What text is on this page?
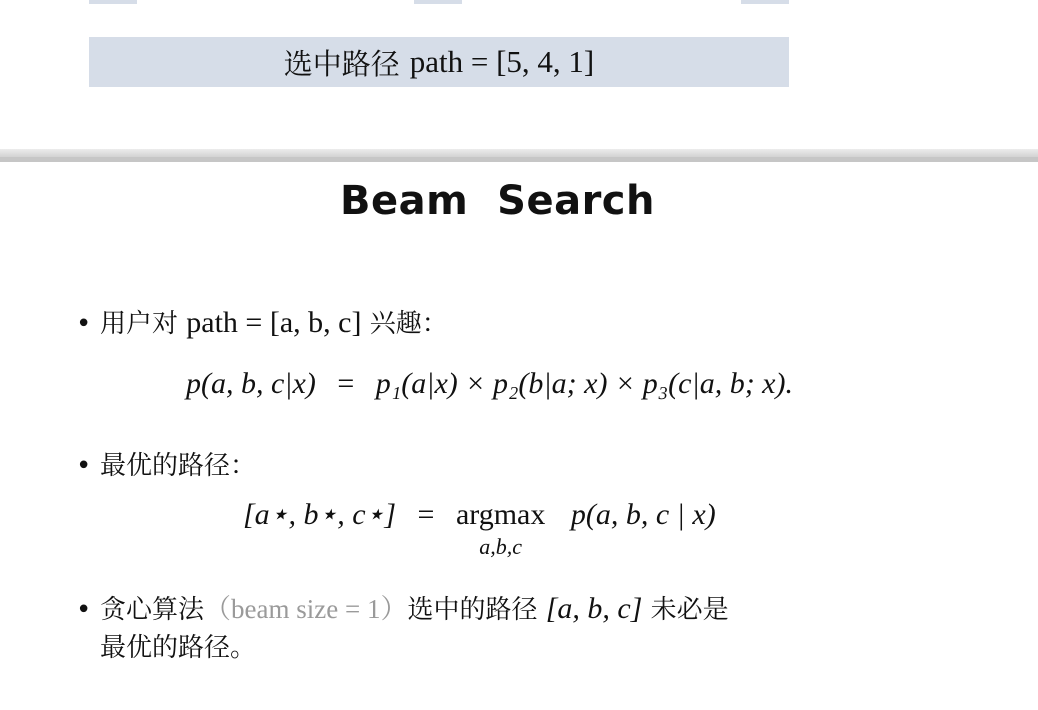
选中路径 path = [5, 4, 1]
Beam  Search
• 用户对 path = [a, b, c] 兴趣：
p(a, b, c|x) = p₁(a|x) × p₂(b|a; x) × p₃(c|a, b; x).
• 最优的路径：
[a⋆, b⋆, c⋆] = argmax
a,b,c
p(a, b, c | x)
• 贪心算法（beam size = 1）选中的路径 [a, b, c] 未必是
最优的路径。
